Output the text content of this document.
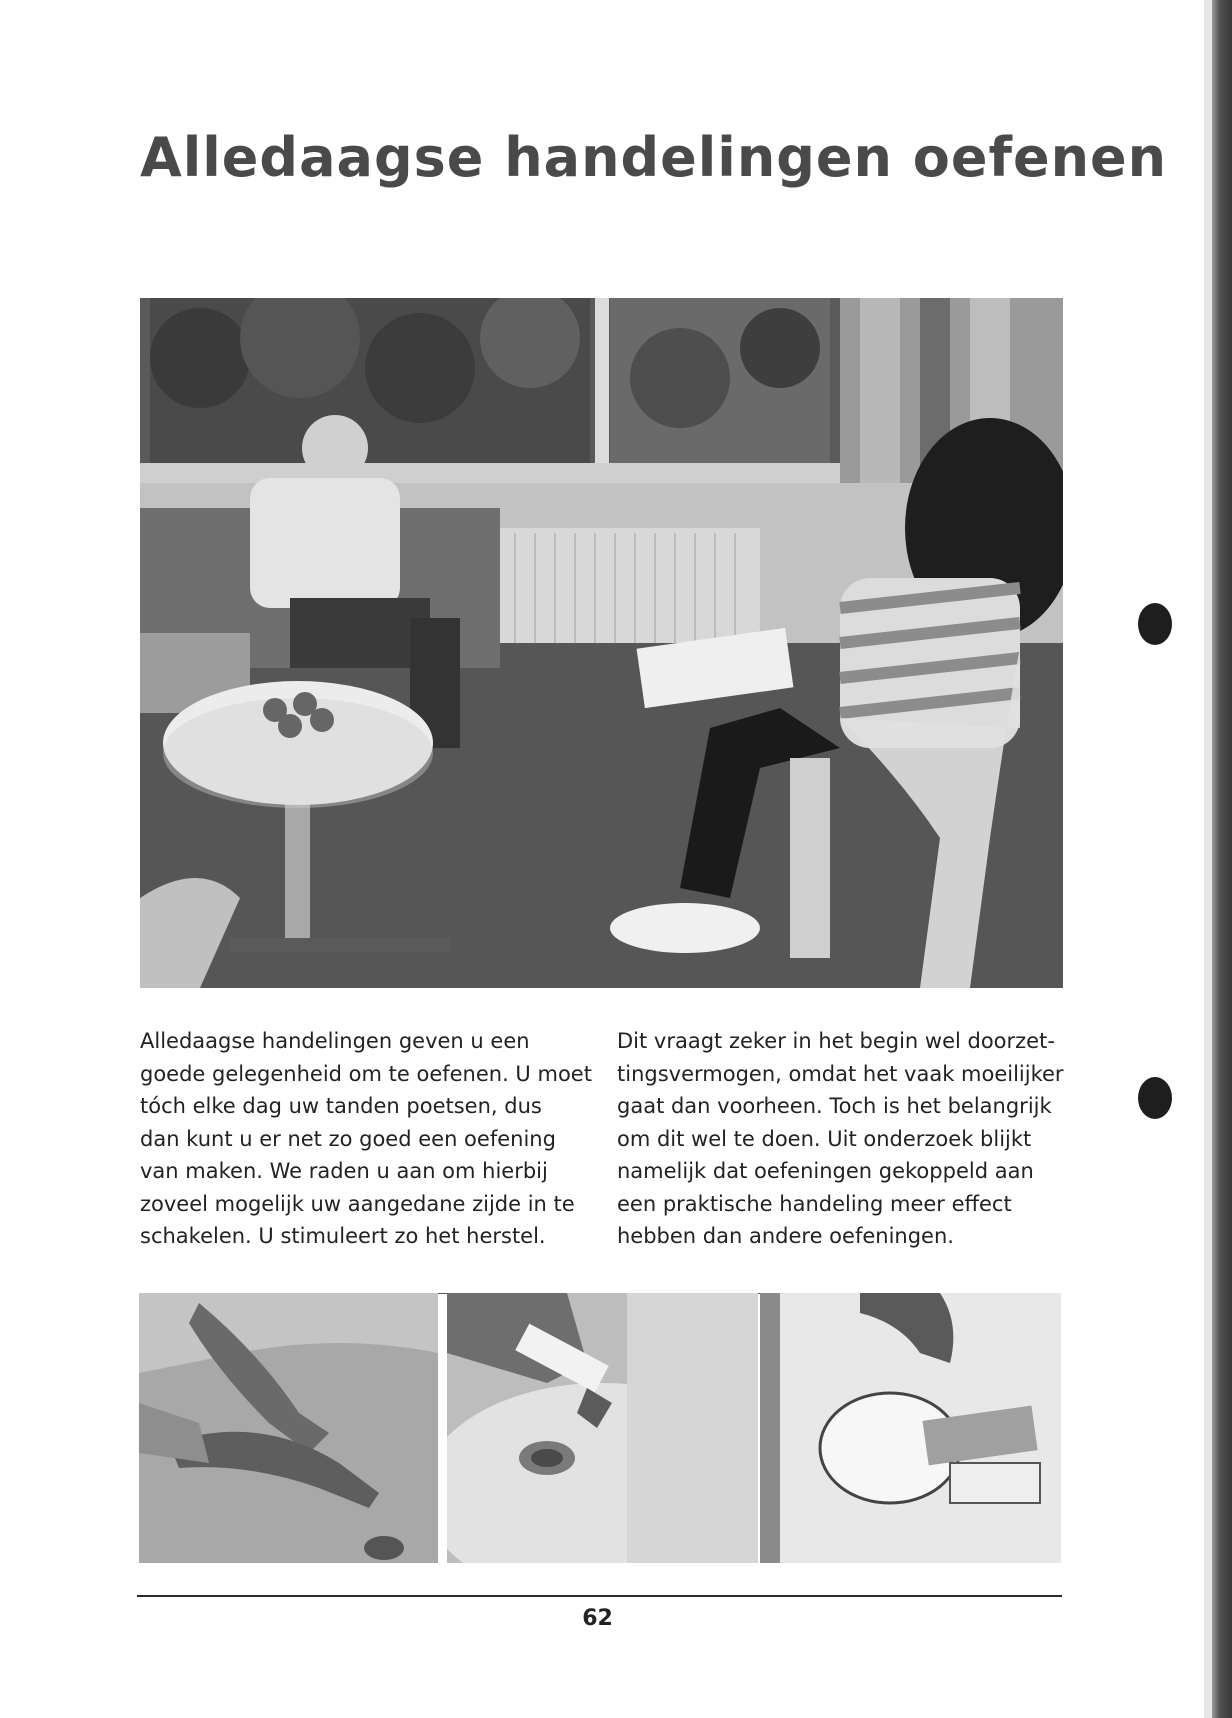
Alledaagse handelingen oefenen

Alledaagse handelingen geven u een
goede gelegenheid om te oefenen. U moet
tóch elke dag uw tanden poetsen, dus
dan kunt u er net zo goed een oefening
van maken. We raden u aan om hierbij
zoveel mogelijk uw aangedane zijde in te
schakelen. U stimuleert zo het herstel.

Dit vraagt zeker in het begin wel doorzet-
tingsvermogen, omdat het vaak moeilijker
gaat dan voorheen. Toch is het belangrijk
om dit wel te doen. Uit onderzoek blijkt
namelijk dat oefeningen gekoppeld aan
een praktische handeling meer effect
hebben dan andere oefeningen.

62
